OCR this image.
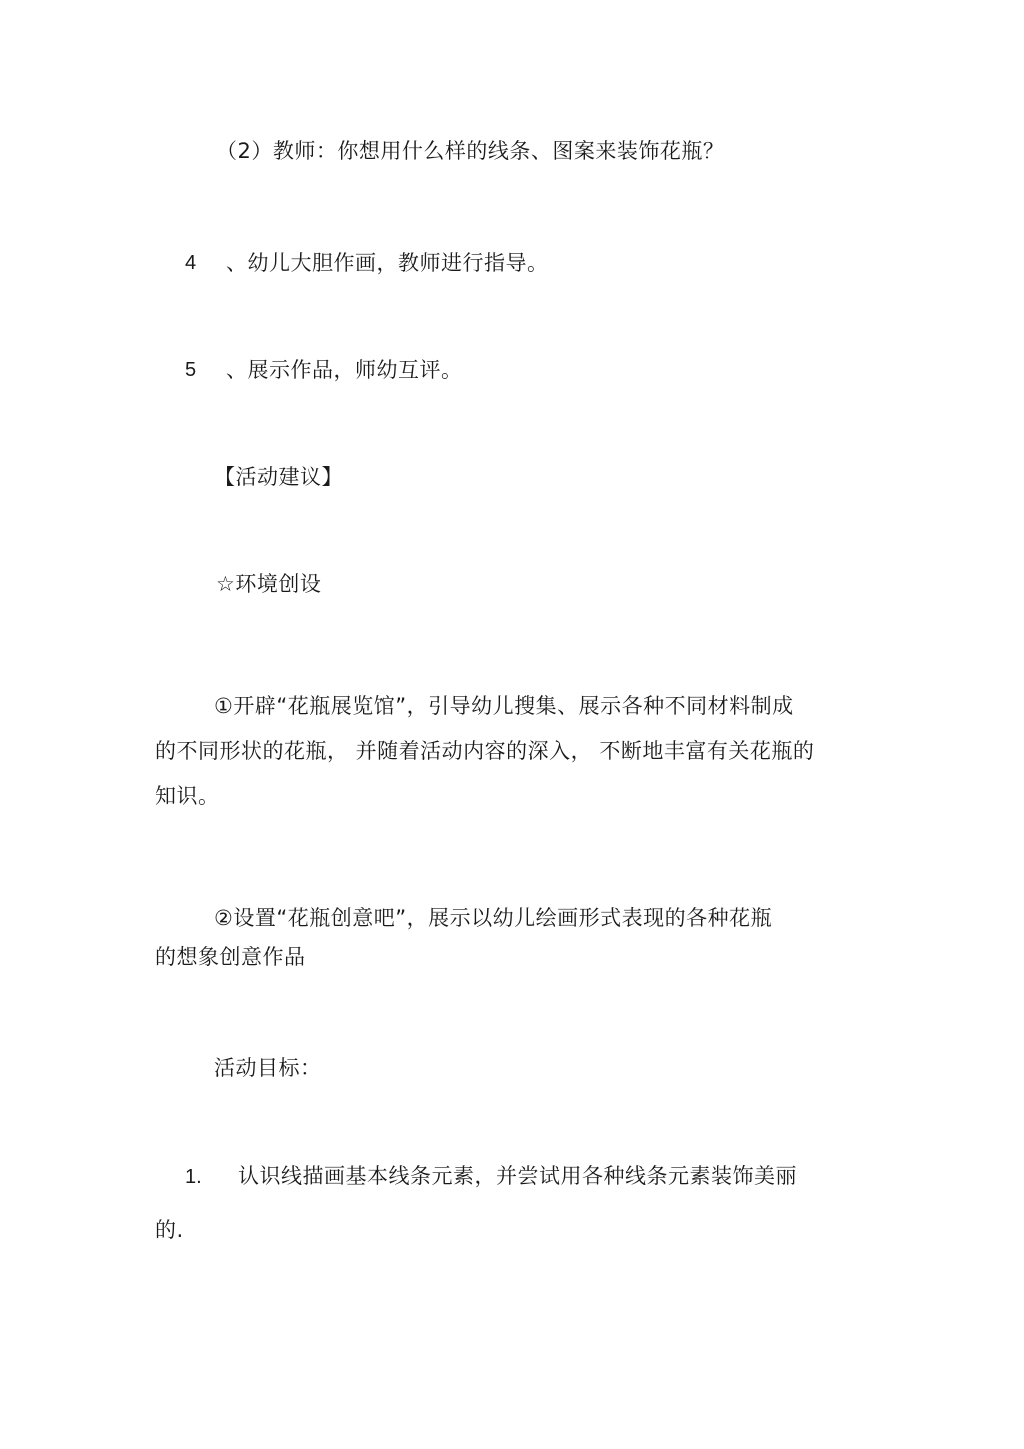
（2）教师：你想用什么样的线条、图案来装饰花瓶？
4 、幼儿大胆作画，教师进行指导。
5 、展示作品，师幼互评。
【活动建议】
☆环境创设
①开辟“花瓶展览馆”，引导幼儿搜集、展示各种不同材料制成
的不同形状的花瓶， 并随着活动内容的深入， 不断地丰富有关花瓶的
知识。
②设置“花瓶创意吧”，展示以幼儿绘画形式表现的各种花瓶
的想象创意作品
活动目标：
1. 认识线描画基本线条元素，并尝试用各种线条元素装饰美丽
的.
